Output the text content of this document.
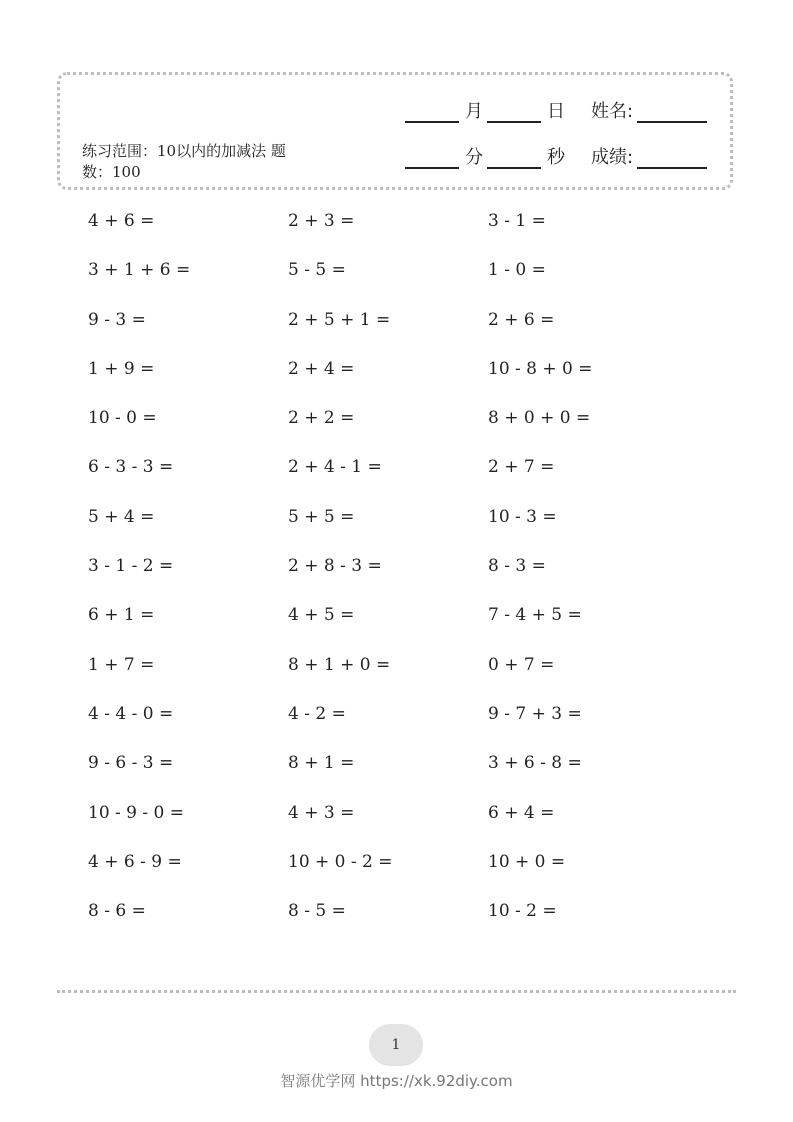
月	日 姓名:
分	秒 成绩:
练习范围：10以内的加减法 题数：100
4 + 6 =	2 + 3 =	3 - 1 =
3 + 1 + 6 =	5 - 5 =	1 - 0 =
9 - 3 =	2 + 5 + 1 =	2 + 6 =
1 + 9 =	2 + 4 =	10 - 8 + 0 =
10 - 0 =	2 + 2 =	8 + 0 + 0 =
6 - 3 - 3 =	2 + 4 - 1 =	2 + 7 =
5 + 4 =	5 + 5 =	10 - 3 =
3 - 1 - 2 =	2 + 8 - 3 =	8 - 3 =
6 + 1 =	4 + 5 =	7 - 4 + 5 =
1 + 7 =	8 + 1 + 0 =	0 + 7 =
4 - 4 - 0 =	4 - 2 =	9 - 7 + 3 =
9 - 6 - 3 =	8 + 1 =	3 + 6 - 8 =
10 - 9 - 0 =	4 + 3 =	6 + 4 =
4 + 6 - 9 =	10 + 0 - 2 =	10 + 0 =
8 - 6 =	8 - 5 =	10 - 2 =
1
智源优学网 https://xk.92diy.com
